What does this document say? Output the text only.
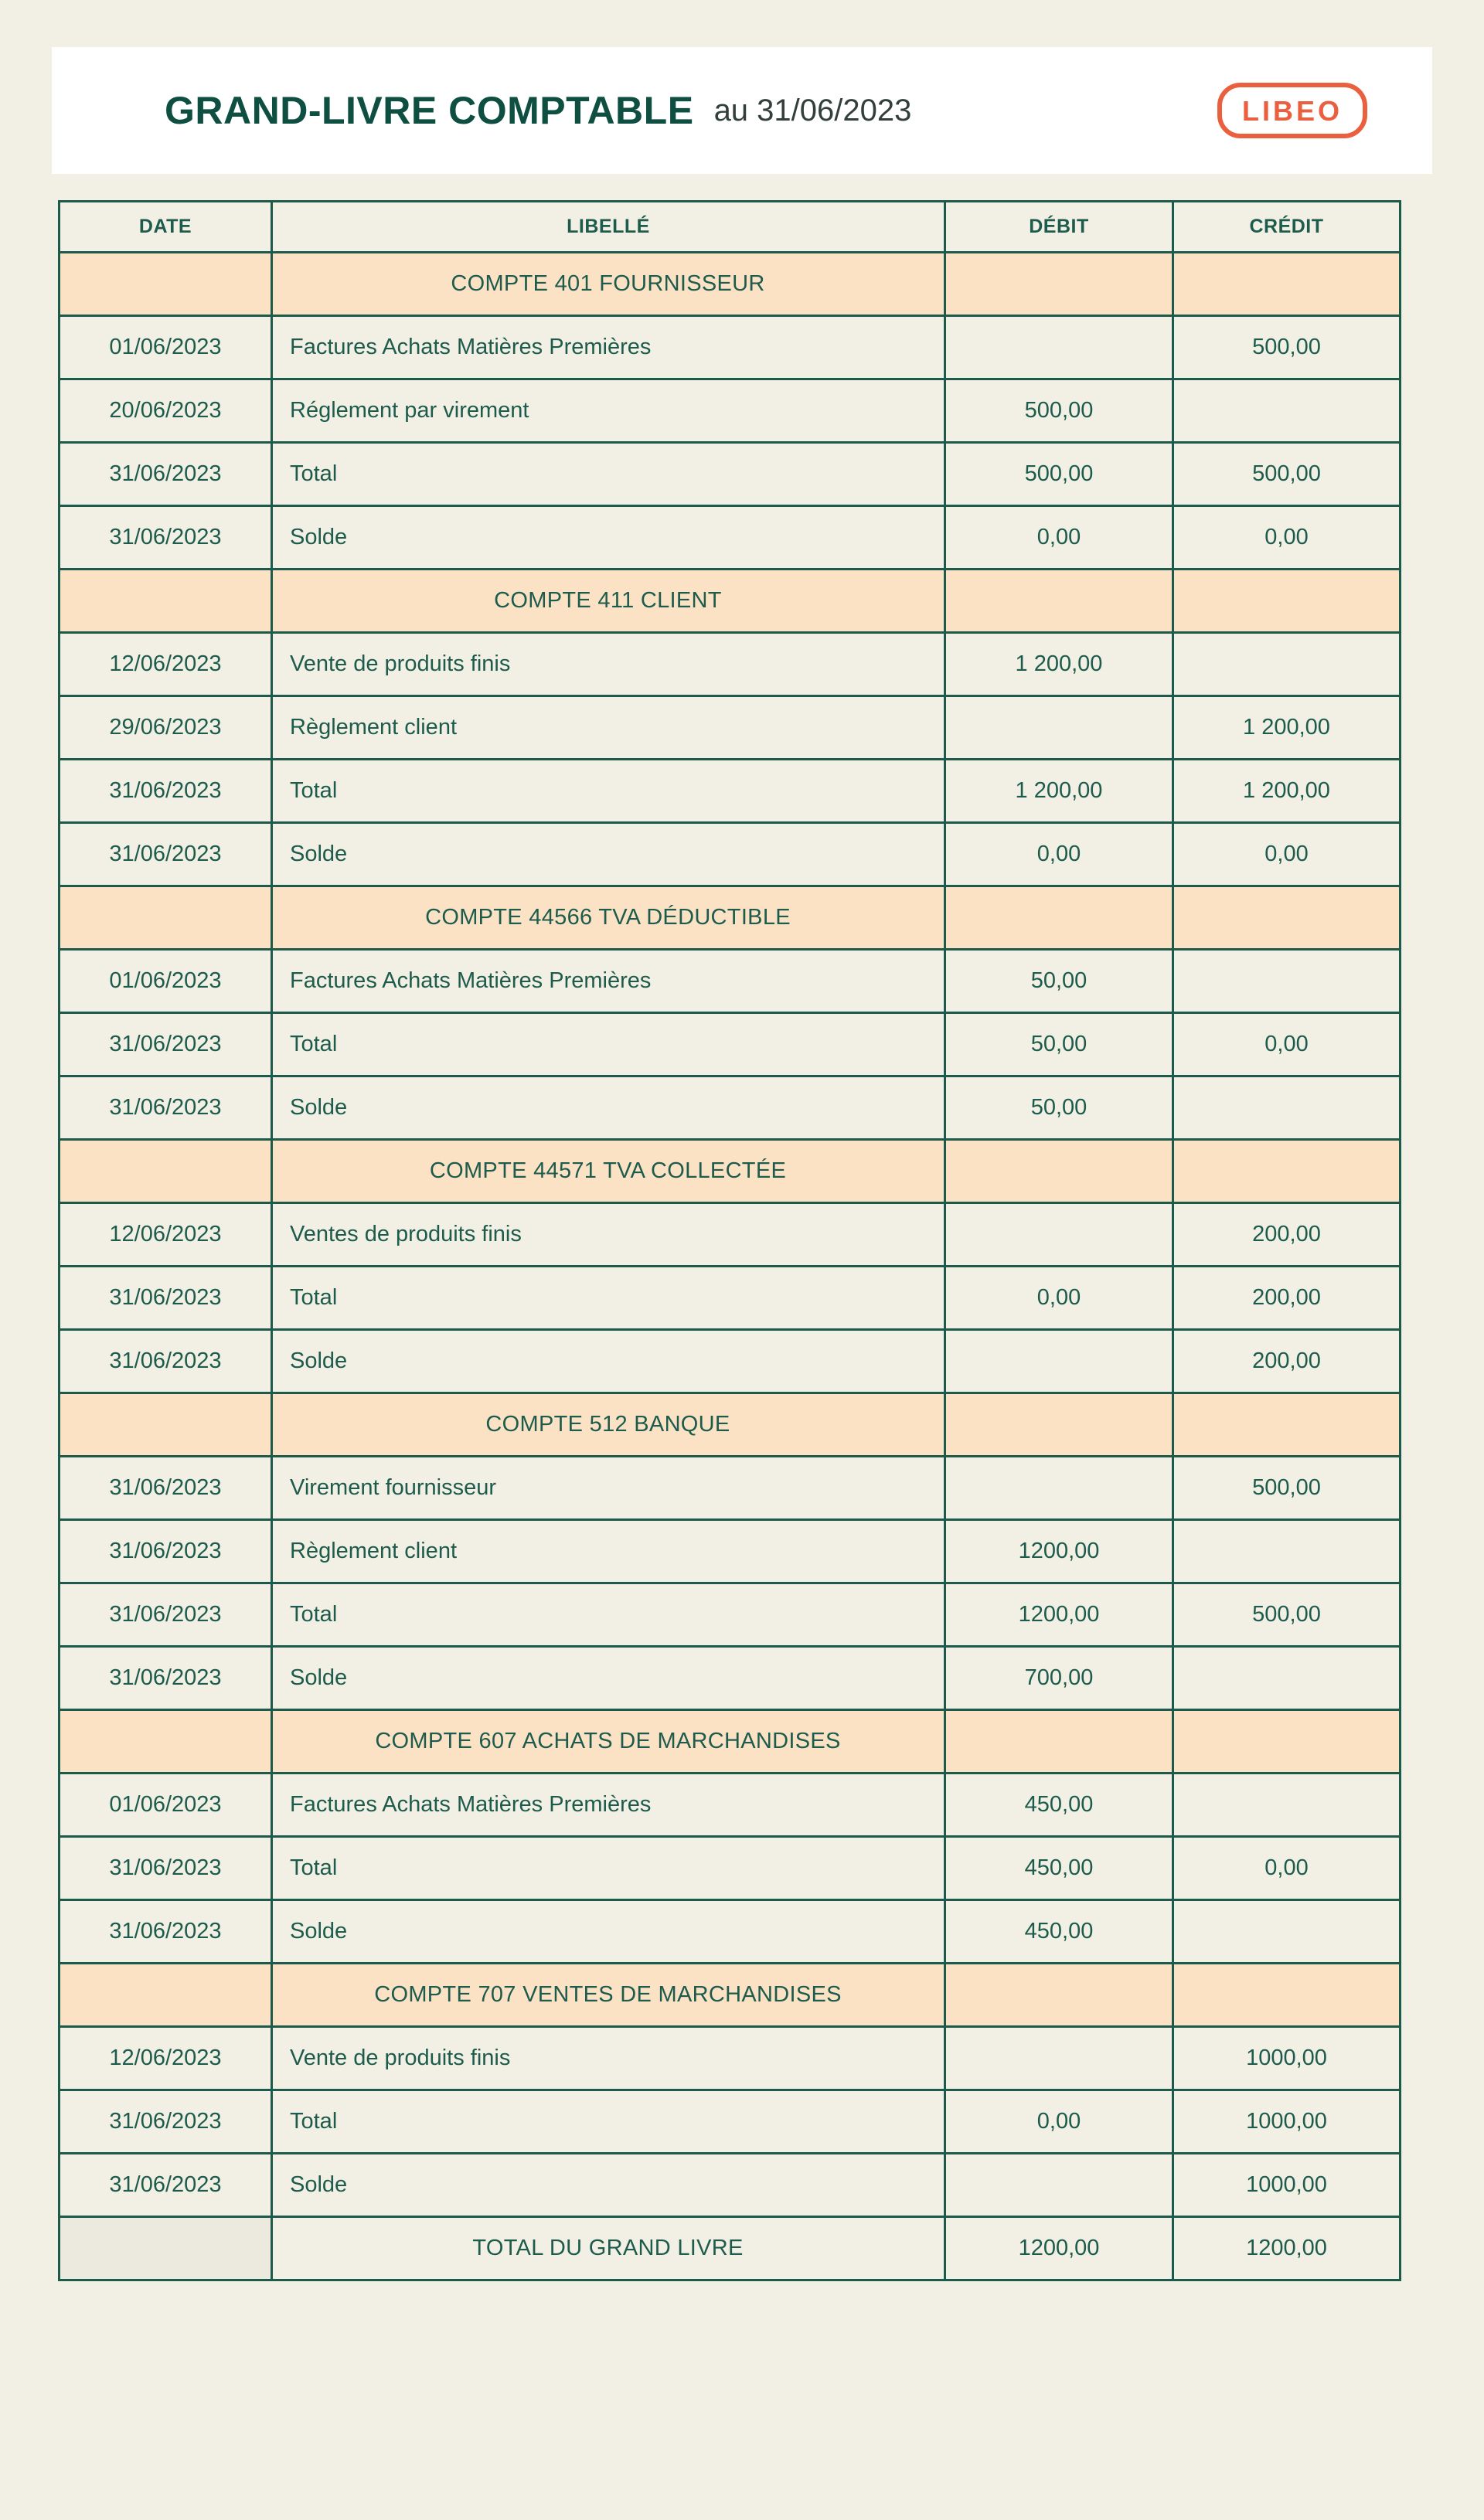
GRAND-LIVRE COMPTABLE au 31/06/2023	LIBEO
DATE	LIBELLÉ	DÉBIT	CRÉDIT
	COMPTE 401 FOURNISSEUR		
01/06/2023	Factures Achats Matières Premières		500,00
20/06/2023	Réglement par virement	500,00	
31/06/2023	Total	500,00	500,00
31/06/2023	Solde	0,00	0,00
	COMPTE 411 CLIENT		
12/06/2023	Vente de produits finis	1 200,00	
29/06/2023	Règlement client		1 200,00
31/06/2023	Total	1 200,00	1 200,00
31/06/2023	Solde	0,00	0,00
	COMPTE 44566 TVA DÉDUCTIBLE		
01/06/2023	Factures Achats Matières Premières	50,00	
31/06/2023	Total	50,00	0,00
31/06/2023	Solde	50,00	
	COMPTE 44571 TVA COLLECTÉE		
12/06/2023	Ventes de produits finis		200,00
31/06/2023	Total	0,00	200,00
31/06/2023	Solde		200,00
	COMPTE 512 BANQUE		
31/06/2023	Virement fournisseur		500,00
31/06/2023	Règlement client	1200,00	
31/06/2023	Total	1200,00	500,00
31/06/2023	Solde	700,00	
	COMPTE 607 ACHATS DE MARCHANDISES		
01/06/2023	Factures Achats Matières Premières	450,00	
31/06/2023	Total	450,00	0,00
31/06/2023	Solde	450,00	
	COMPTE 707 VENTES DE MARCHANDISES		
12/06/2023	Vente de produits finis		1000,00
31/06/2023	Total	0,00	1000,00
31/06/2023	Solde		1000,00
	TOTAL DU GRAND LIVRE	1200,00	1200,00
